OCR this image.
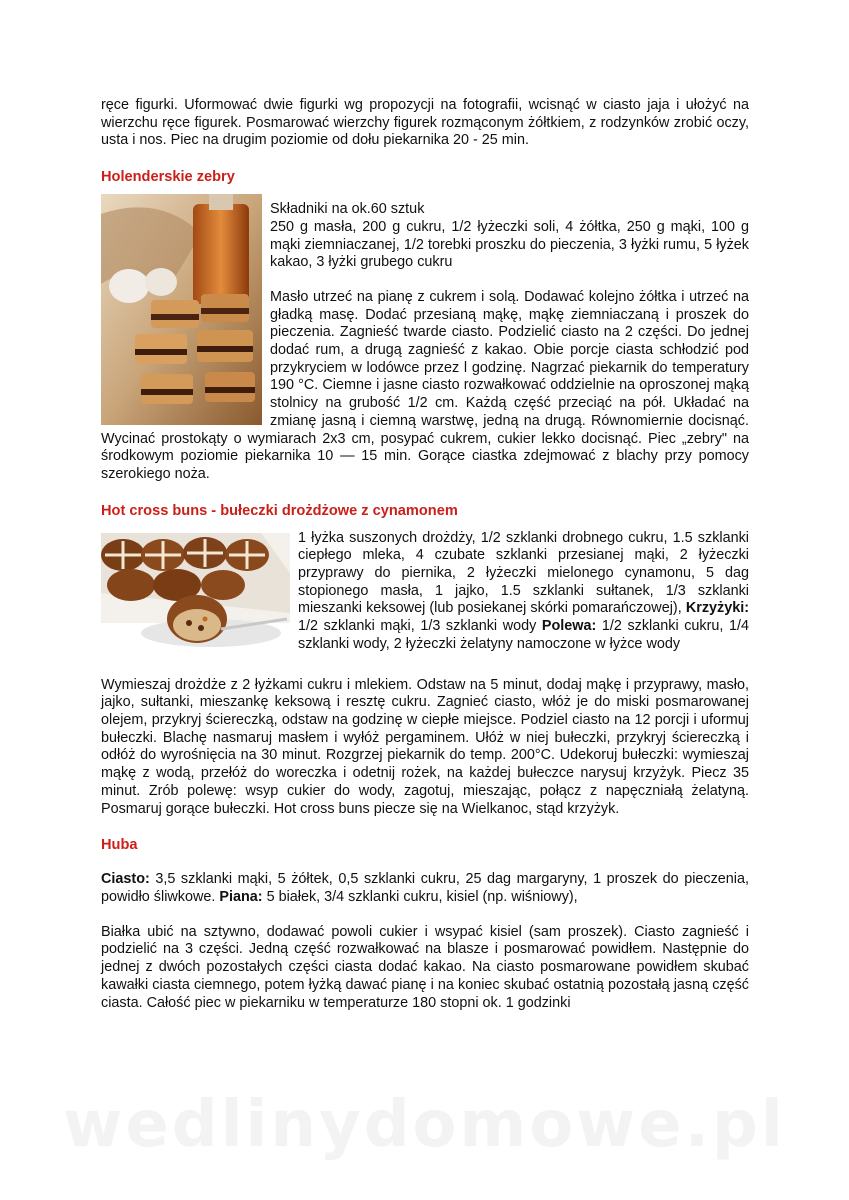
ręce figurki. Uformować dwie figurki wg propozycji na fotografii, wcisnąć w ciasto jaja i ułożyć na wierzchu ręce figurek. Posmarować wierzchy figurek rozmąconym żółtkiem, z rodzynków zrobić oczy, usta i nos. Piec na drugim poziomie od dołu piekarnika 20 - 25 min.

Holenderskie zebry

Składniki na ok.60 sztuk

250 g masła, 200 g cukru, 1/2 łyżeczki soli, 4 żółtka, 250 g mąki, 100 g mąki ziemniaczanej, 1/2 torebki proszku do pieczenia, 3 łyżki rumu, 5 łyżek kakao, 3 łyżki grubego cukru

Masło utrzeć na pianę z cukrem i solą. Dodawać kolejno żółtka i utrzeć na gładką masę. Dodać przesianą mąkę, mąkę ziemniaczaną i proszek do pieczenia. Zagnieść twarde ciasto. Podzielić ciasto na 2 części. Do jednej dodać rum, a drugą zagnieść z kakao. Obie porcje ciasta schłodzić pod przykryciem w lodówce przez l godzinę. Nagrzać piekarnik do temperatury 190 °C. Ciemne i jasne ciasto rozwałkować oddzielnie na oproszonej mąką stolnicy na grubość 1/2 cm. Każdą część przeciąć na pół. Układać na zmianę jasną i ciemną warstwę, jedną na drugą. Równomiernie docisnąć. Wycinać prostokąty o wymiarach 2x3 cm, posypać cukrem, cukier lekko docisnąć. Piec „zebry" na środkowym poziomie piekarnika 10 — 15 min. Gorące ciastka zdejmować z blachy przy pomocy szerokiego noża.

Hot cross buns - bułeczki drożdżowe z cynamonem

1 łyżka suszonych drożdży, 1/2 szklanki drobnego cukru, 1.5 szklanki ciepłego mleka, 4 czubate szklanki przesianej mąki, 2 łyżeczki przyprawy do piernika, 2 łyżeczki mielonego cynamonu, 5 dag stopionego masła, 1 jajko, 1.5 szklanki sułtanek, 1/3 szklanki mieszanki keksowej (lub posiekanej skórki pomarańczowej), Krzyżyki: 1/2 szklanki mąki, 1/3 szklanki wody Polewa: 1/2 szklanki cukru, 1/4 szklanki wody, 2 łyżeczki żelatyny namoczone w łyżce wody

Wymieszaj drożdże z 2 łyżkami cukru i mlekiem. Odstaw na 5 minut, dodaj mąkę i przyprawy, masło, jajko, sułtanki, mieszankę keksową i resztę cukru. Zagnieć ciasto, włóż je do miski posmarowanej olejem, przykryj ściereczką, odstaw na godzinę w ciepłe miejsce. Podziel ciasto na 12 porcji i uformuj bułeczki. Blachę nasmaruj masłem i wyłóż pergaminem. Ułóż w niej bułeczki, przykryj ściereczką i odłóż do wyrośnięcia na 30 minut. Rozgrzej piekarnik do temp. 200°C. Udekoruj bułeczki: wymieszaj mąkę z wodą, przełóż do woreczka i odetnij rożek, na każdej bułeczce narysuj krzyżyk. Piecz 35 minut. Zrób polewę: wsyp cukier do wody, zagotuj, mieszając, połącz z napęczniałą żelatyną. Posmaruj gorące bułeczki. Hot cross buns piecze się na Wielkanoc, stąd krzyżyk.

Huba

Ciasto: 3,5 szklanki mąki, 5 żółtek, 0,5 szklanki cukru, 25 dag margaryny, 1 proszek do pieczenia, powidło śliwkowe. Piana: 5 białek, 3/4 szklanki cukru, kisiel (np. wiśniowy),

Białka ubić na sztywno, dodawać powoli cukier i wsypać kisiel (sam proszek). Ciasto zagnieść i podzielić na 3 części. Jedną część rozwałkować na blasze i posmarować powidłem. Następnie do jednej z dwóch pozostałych części ciasta dodać kakao. Na ciasto posmarowane powidłem skubać kawałki ciasta ciemnego, potem łyżką dawać pianę i na koniec skubać ostatnią pozostałą jasną część ciasta. Całość piec w piekarniku w temperaturze 180 stopni ok. 1 godzinki

wedlinydomowe.pl
